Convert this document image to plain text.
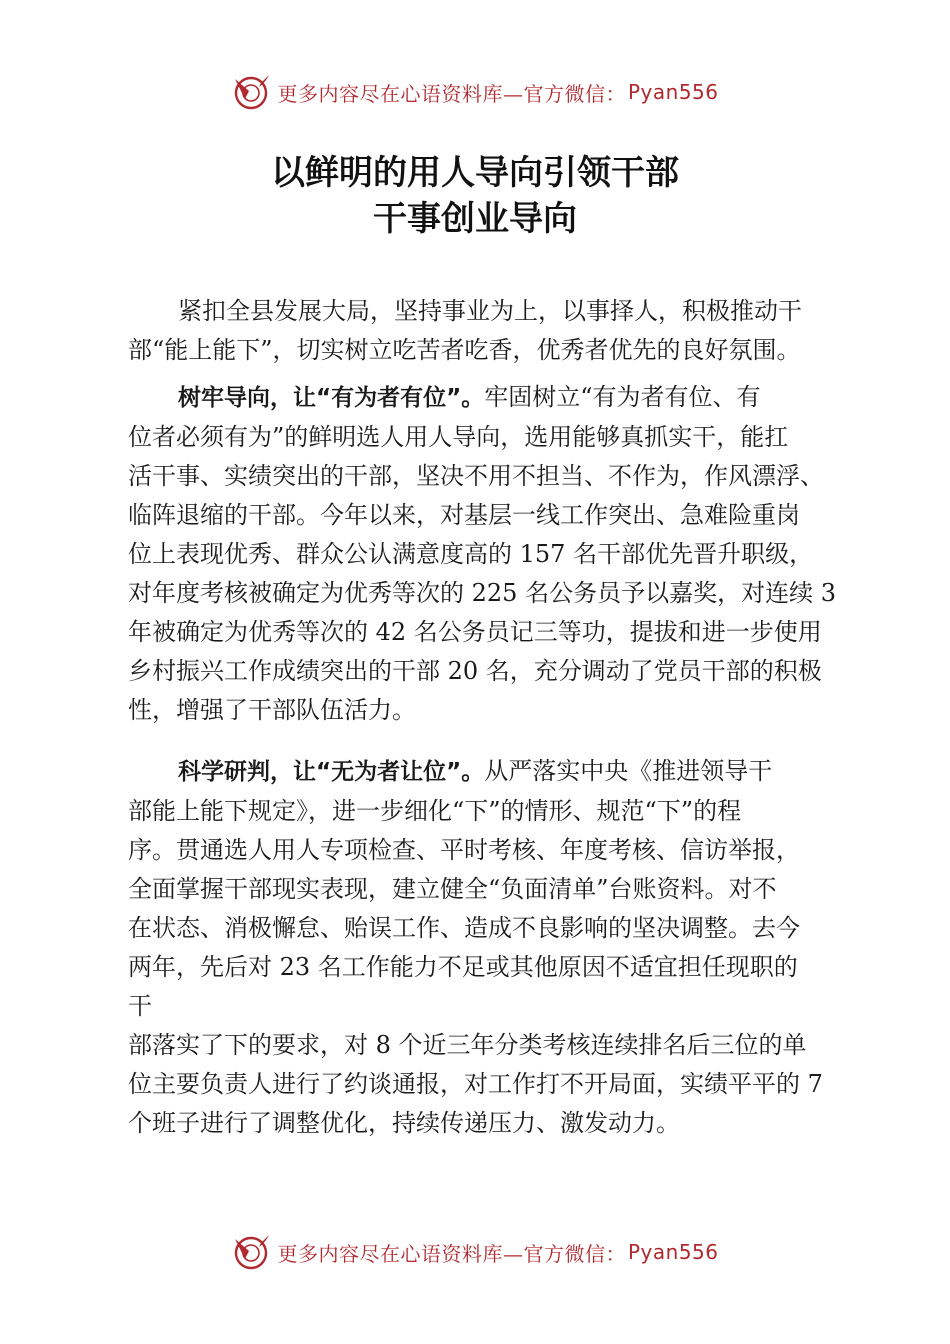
更多内容尽在心语资料库—官方微信： Pyan556
以鲜明的用人导向引领干部
干事创业导向
紧扣全县发展大局，坚持事业为上，以事择人，积极推动干
部“能上能下”，切实树立吃苦者吃香，优秀者优先的良好氛围。
树牢导向，让“有为者有位”。牢固树立“有为者有位、有
位者必须有为”的鲜明选人用人导向，选用能够真抓实干，能扛
活干事、实绩突出的干部，坚决不用不担当、不作为，作风漂浮、
临阵退缩的干部。今年以来，对基层一线工作突出、急难险重岗
位上表现优秀、群众公认满意度高的 157 名干部优先晋升职级，
对年度考核被确定为优秀等次的 225 名公务员予以嘉奖，对连续 3
年被确定为优秀等次的 42 名公务员记三等功，提拔和进一步使用
乡村振兴工作成绩突出的干部 20 名，充分调动了党员干部的积极
性，增强了干部队伍活力。
科学研判，让“无为者让位”。从严落实中央《推进领导干
部能上能下规定》，进一步细化“下”的情形、规范“下”的程
序。贯通选人用人专项检查、平时考核、年度考核、信访举报，
全面掌握干部现实表现，建立健全“负面清单”台账资料。对不
在状态、消极懈怠、贻误工作、造成不良影响的坚决调整。去今
两年，先后对 23 名工作能力不足或其他原因不适宜担任现职的
干
部落实了下的要求，对 8 个近三年分类考核连续排名后三位的单
位主要负责人进行了约谈通报，对工作打不开局面，实绩平平的 7
个班子进行了调整优化，持续传递压力、激发动力。
更多内容尽在心语资料库—官方微信： Pyan556
